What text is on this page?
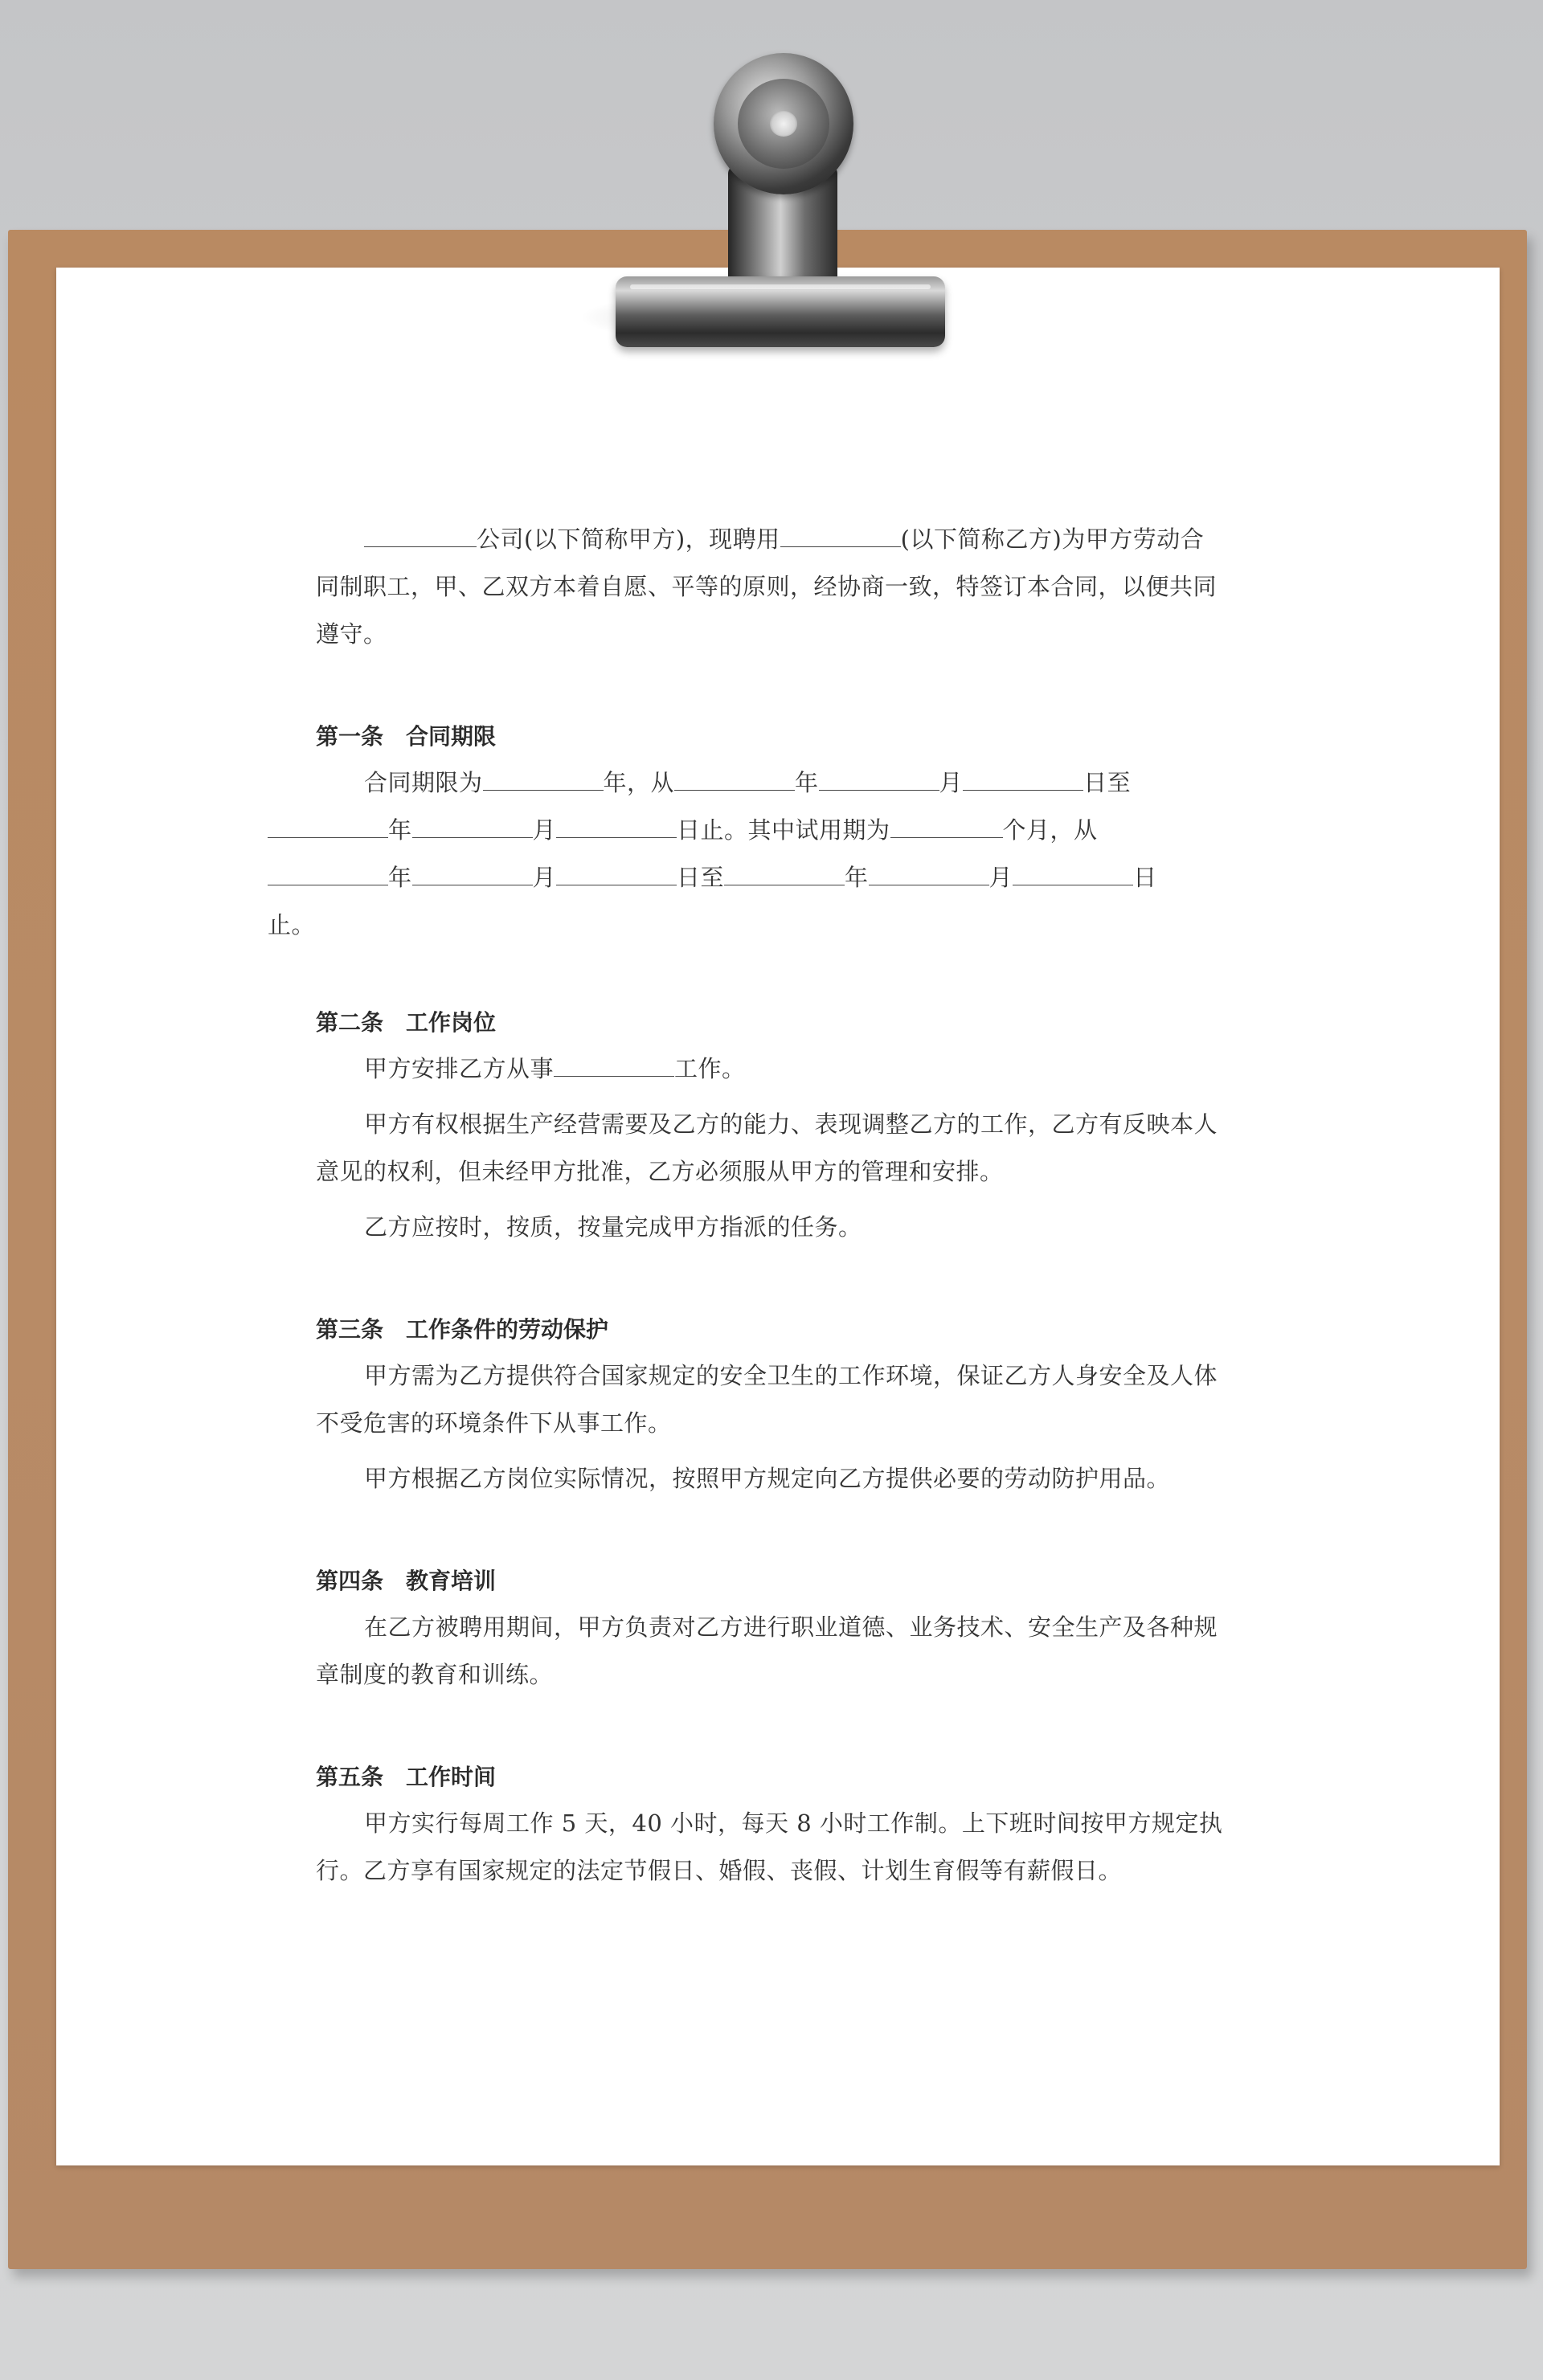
公司(以下简称甲方)，现聘用	(以下简称乙方)为甲方劳动合同制职工，甲、乙双方本着自愿、平等的原则，经协商一致，特签订本合同，以便共同遵守。

第一条 合同期限

合同期限为	年，从	年	月	日至
年	月	日止。其中试用期为	个月，从
年	月	日至	年	月	日
止。

第二条 工作岗位

甲方安排乙方从事	工作。

甲方有权根据生产经营需要及乙方的能力、表现调整乙方的工作，乙方有反映本人意见的权利，但未经甲方批准，乙方必须服从甲方的管理和安排。

乙方应按时，按质，按量完成甲方指派的任务。

第三条 工作条件的劳动保护

甲方需为乙方提供符合国家规定的安全卫生的工作环境，保证乙方人身安全及人体不受危害的环境条件下从事工作。

甲方根据乙方岗位实际情况，按照甲方规定向乙方提供必要的劳动防护用品。

第四条 教育培训

在乙方被聘用期间，甲方负责对乙方进行职业道德、业务技术、安全生产及各种规章制度的教育和训练。

第五条 工作时间

甲方实行每周工作 5 天，40 小时，每天 8 小时工作制。上下班时间按甲方规定执行。乙方享有国家规定的法定节假日、婚假、丧假、计划生育假等有薪假日。
